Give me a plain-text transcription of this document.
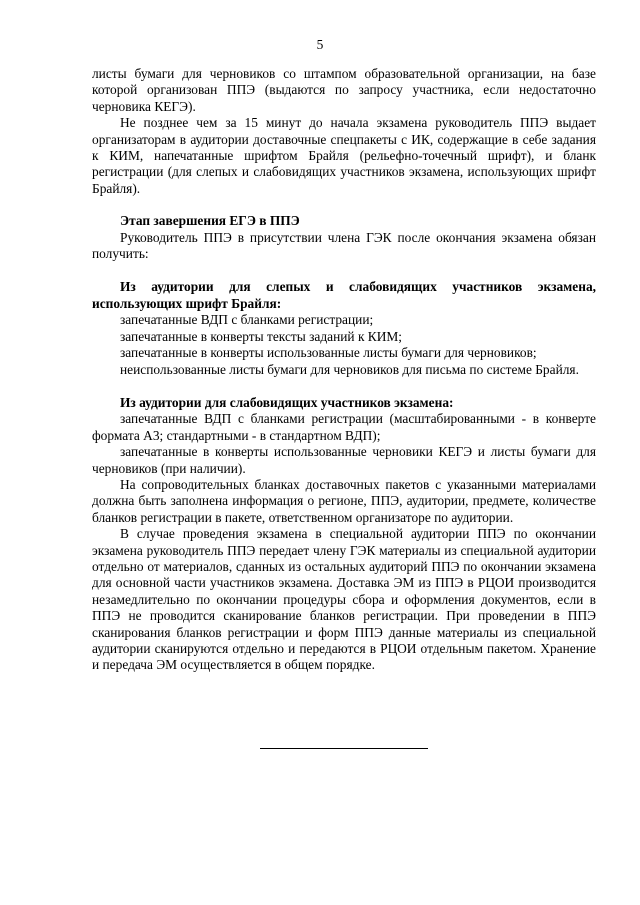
5

листы бумаги для черновиков со штампом образовательной организации, на базе которой организован ППЭ (выдаются по запросу участника, если недостаточно черновика КЕГЭ).

Не позднее чем за 15 минут до начала экзамена руководитель ППЭ выдает организаторам в аудитории доставочные спецпакеты с ИК, содержащие в себе задания к КИМ, напечатанные шрифтом Брайля (рельефно-точечный шрифт), и бланк регистрации (для слепых и слабовидящих участников экзамена, использующих шрифт Брайля).

Этап завершения ЕГЭ в ППЭ

Руководитель ППЭ в присутствии члена ГЭК после окончания экзамена обязан получить:

Из аудитории для слепых и слабовидящих участников экзамена, использующих шрифт Брайля:

запечатанные ВДП с бланками регистрации;

запечатанные в конверты тексты заданий к КИМ;

запечатанные в конверты использованные листы бумаги для черновиков;

неиспользованные листы бумаги для черновиков для письма по системе Брайля.

Из аудитории для слабовидящих участников экзамена:

запечатанные ВДП с бланками регистрации (масштабированными - в конверте формата А3; стандартными - в стандартном ВДП);

запечатанные в конверты использованные черновики КЕГЭ и листы бумаги для черновиков (при наличии).

На сопроводительных бланках доставочных пакетов с указанными материалами должна быть заполнена информация о регионе, ППЭ, аудитории, предмете, количестве бланков регистрации в пакете, ответственном организаторе по аудитории.

В случае проведения экзамена в специальной аудитории ППЭ по окончании экзамена руководитель ППЭ передает члену ГЭК материалы из специальной аудитории отдельно от материалов, сданных из остальных аудиторий ППЭ по окончании экзамена для основной части участников экзамена. Доставка ЭМ из ППЭ в РЦОИ производится незамедлительно по окончании процедуры сбора и оформления документов, если в ППЭ не проводится сканирование бланков регистрации. При проведении в ППЭ сканирования бланков регистрации и форм ППЭ данные материалы из специальной аудитории сканируются отдельно и передаются в РЦОИ отдельным пакетом. Хранение и передача ЭМ осуществляется в общем порядке.
